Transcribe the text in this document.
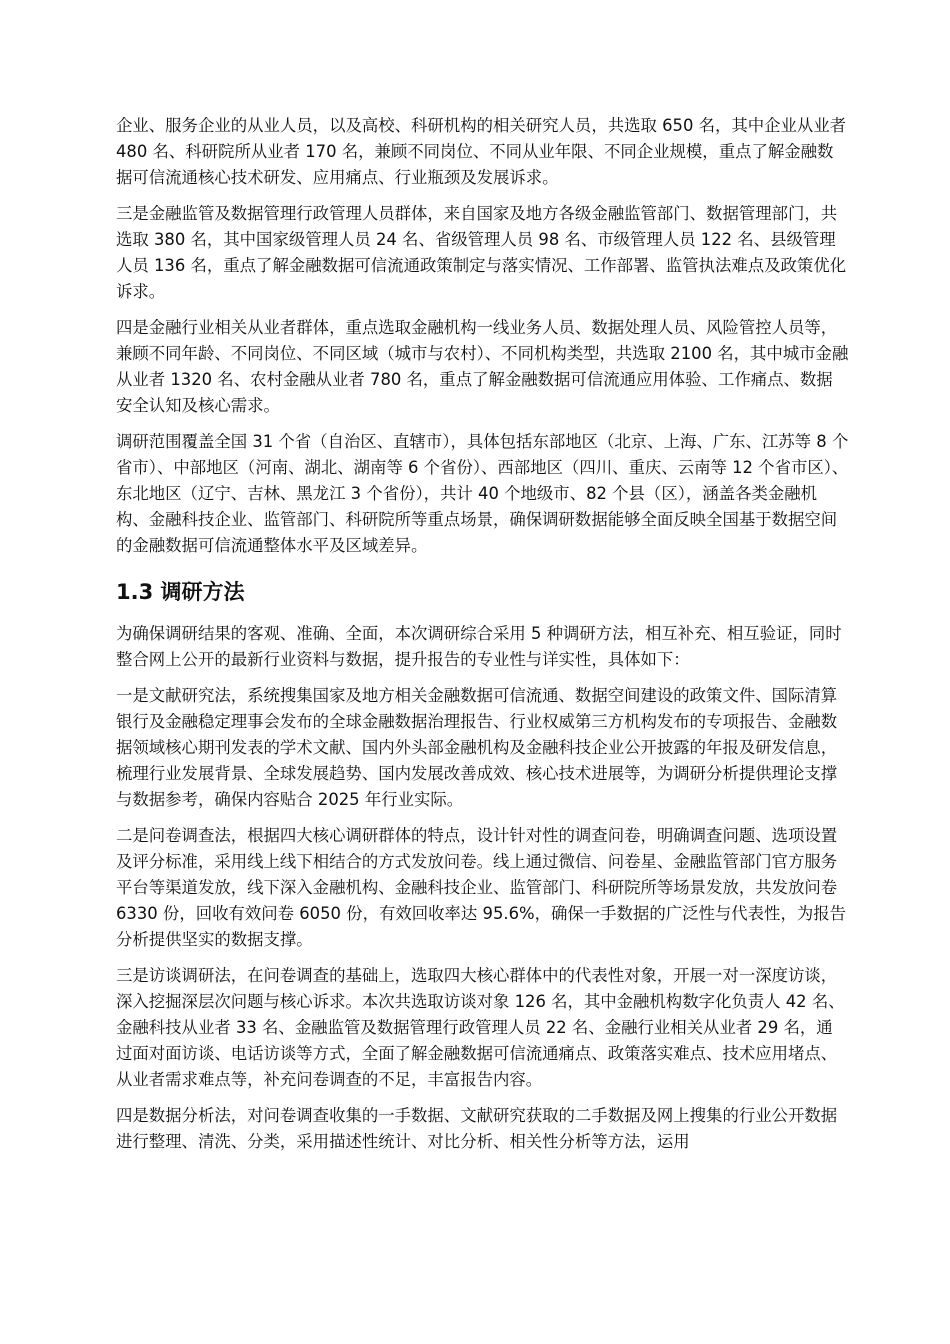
企业、服务企业的从业人员，以及高校、科研机构的相关研究人员，共选取 650 名，其中企业从业者 480 名、科研院所从业者 170 名，兼顾不同岗位、不同从业年限、不同企业规模，重点了解金融数据可信流通核心技术研发、应用痛点、行业瓶颈及发展诉求。

三是金融监管及数据管理行政管理人员群体，来自国家及地方各级金融监管部门、数据管理部门，共选取 380 名，其中国家级管理人员 24 名、省级管理人员 98 名、市级管理人员 122 名、县级管理人员 136 名，重点了解金融数据可信流通政策制定与落实情况、工作部署、监管执法难点及政策优化诉求。

四是金融行业相关从业者群体，重点选取金融机构一线业务人员、数据处理人员、风险管控人员等，兼顾不同年龄、不同岗位、不同区域（城市与农村）、不同机构类型，共选取 2100 名，其中城市金融从业者 1320 名、农村金融从业者 780 名，重点了解金融数据可信流通应用体验、工作痛点、数据安全认知及核心需求。

调研范围覆盖全国 31 个省（自治区、直辖市），具体包括东部地区（北京、上海、广东、江苏等 8 个省市）、中部地区（河南、湖北、湖南等 6 个省份）、西部地区（四川、重庆、云南等 12 个省市区）、东北地区（辽宁、吉林、黑龙江 3 个省份），共计 40 个地级市、82 个县（区），涵盖各类金融机构、金融科技企业、监管部门、科研院所等重点场景，确保调研数据能够全面反映全国基于数据空间的金融数据可信流通整体水平及区域差异。

1.3 调研方法

为确保调研结果的客观、准确、全面，本次调研综合采用 5 种调研方法，相互补充、相互验证，同时整合网上公开的最新行业资料与数据，提升报告的专业性与详实性，具体如下：

一是文献研究法，系统搜集国家及地方相关金融数据可信流通、数据空间建设的政策文件、国际清算银行及金融稳定理事会发布的全球金融数据治理报告、行业权威第三方机构发布的专项报告、金融数据领域核心期刊发表的学术文献、国内外头部金融机构及金融科技企业公开披露的年报及研发信息，梳理行业发展背景、全球发展趋势、国内发展改善成效、核心技术进展等，为调研分析提供理论支撑与数据参考，确保内容贴合 2025 年行业实际。

二是问卷调查法，根据四大核心调研群体的特点，设计针对性的调查问卷，明确调查问题、选项设置及评分标准，采用线上线下相结合的方式发放问卷。线上通过微信、问卷星、金融监管部门官方服务平台等渠道发放，线下深入金融机构、金融科技企业、监管部门、科研院所等场景发放，共发放问卷 6330 份，回收有效问卷 6050 份，有效回收率达 95.6%，确保一手数据的广泛性与代表性，为报告分析提供坚实的数据支撑。

三是访谈调研法，在问卷调查的基础上，选取四大核心群体中的代表性对象，开展一对一深度访谈，深入挖掘深层次问题与核心诉求。本次共选取访谈对象 126 名，其中金融机构数字化负责人 42 名、金融科技从业者 33 名、金融监管及数据管理行政管理人员 22 名、金融行业相关从业者 29 名，通过面对面访谈、电话访谈等方式，全面了解金融数据可信流通痛点、政策落实难点、技术应用堵点、从业者需求难点等，补充问卷调查的不足，丰富报告内容。

四是数据分析法，对问卷调查收集的一手数据、文献研究获取的二手数据及网上搜集的行业公开数据进行整理、清洗、分类，采用描述性统计、对比分析、相关性分析等方法，运用
